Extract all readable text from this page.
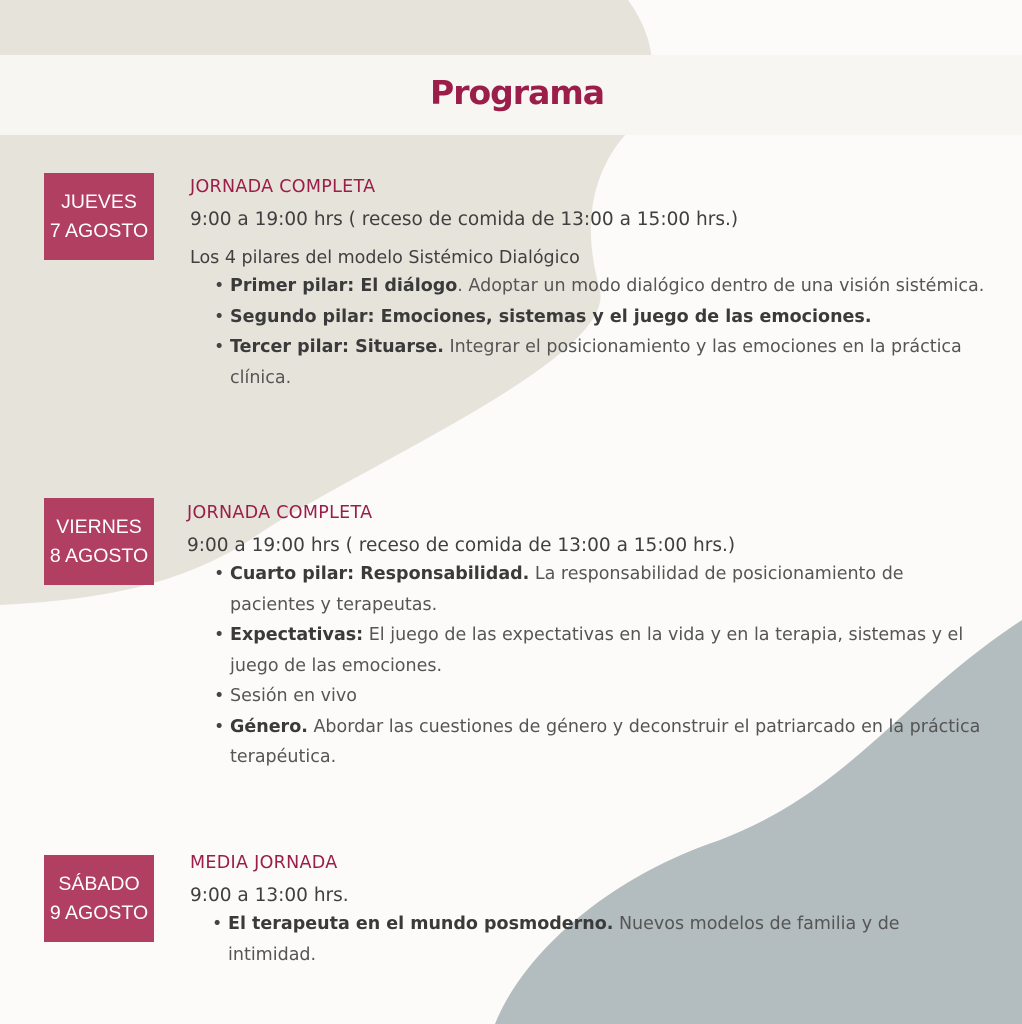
Programa
JUEVES
7 AGOSTO
JORNADA COMPLETA
9:00 a 19:00 hrs ( receso de comida de 13:00 a 15:00 hrs.)
Los 4 pilares del modelo Sistémico Dialógico
• Primer pilar: El diálogo. Adoptar un modo dialógico dentro de una visión sistémica.
• Segundo pilar: Emociones, sistemas y el juego de las emociones.
• Tercer pilar: Situarse. Integrar el posicionamiento y las emociones en la práctica clínica.
VIERNES
8 AGOSTO
JORNADA COMPLETA
9:00 a 19:00 hrs ( receso de comida de 13:00 a 15:00 hrs.)
• Cuarto pilar: Responsabilidad. La responsabilidad de posicionamiento de pacientes y terapeutas.
• Expectativas: El juego de las expectativas en la vida y en la terapia, sistemas y el juego de las emociones.
• Sesión en vivo
• Género. Abordar las cuestiones de género y deconstruir el patriarcado en la práctica terapéutica.
SÁBADO
9 AGOSTO
MEDIA JORNADA
9:00 a 13:00 hrs.
• El terapeuta en el mundo posmoderno. Nuevos modelos de familia y de intimidad.
